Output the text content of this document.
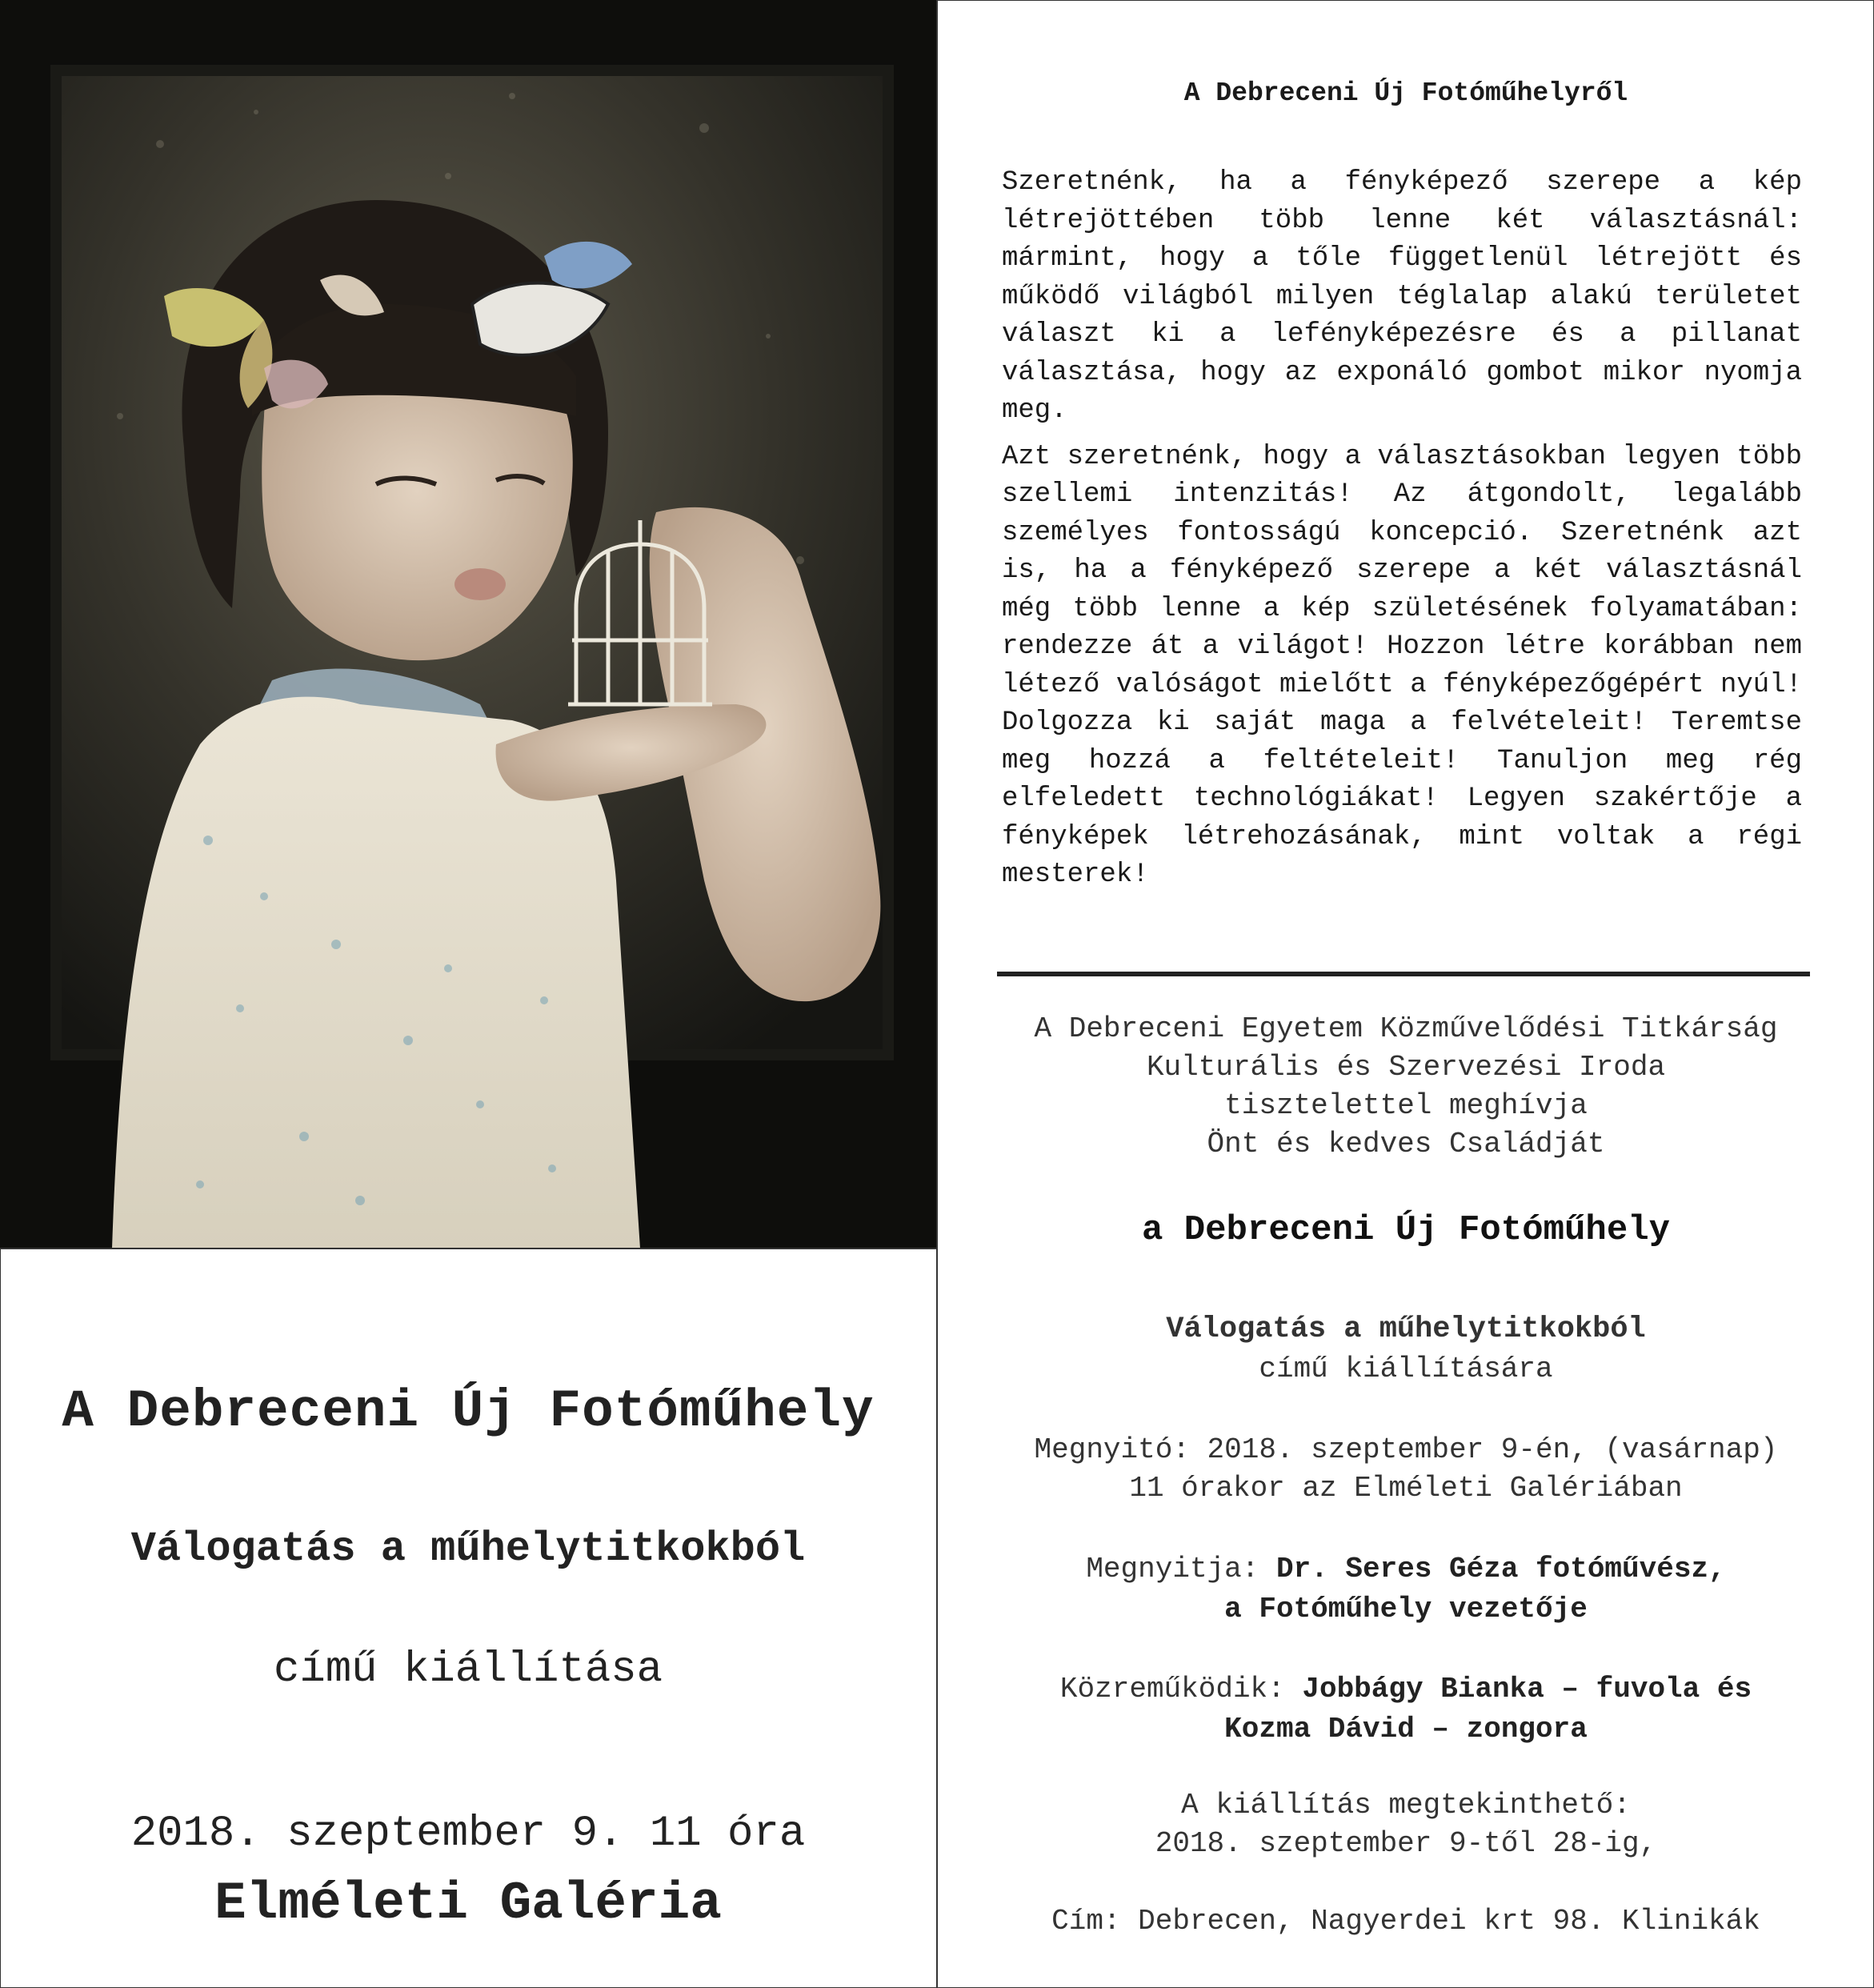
A Debreceni Új Fotóműhely
Válogatás a műhelytitkokból
című kiállítása
2018. szeptember 9. 11 óra
Elméleti Galéria
A Debreceni Új Fotóműhelyről

Szeretnénk, ha a fényképező szerepe a kép létrejöttében több lenne két választásnál: mármint, hogy a tőle függetlenül létrejött és működő világból milyen téglalap alakú területet választ ki a lefényképezésre és a pillanat választása, hogy az exponáló gombot mikor nyomja meg.

Azt szeretnénk, hogy a választásokban legyen több szellemi intenzitás! Az átgondolt, legalább személyes fontosságú koncepció. Szeretnénk azt is, ha a fényképező szerepe a két választásnál még több lenne a kép születésének folyamatában: rendezze át a világot! Hozzon létre korábban nem létező valóságot mielőtt a fényképezőgépért nyúl! Dolgozza ki saját maga a felvételeit! Teremtse meg hozzá a feltételeit! Tanuljon meg rég elfeledett technológiákat! Legyen szakértője a fényképek létrehozásának, mint voltak a régi mesterek!

A Debreceni Egyetem Közművelődési Titkárság
Kulturális és Szervezési Iroda
tisztelettel meghívja
Önt és kedves Családját
a Debreceni Új Fotóműhely
Válogatás a műhelytitkokból
című kiállítására
Megnyitó: 2018. szeptember 9-én, (vasárnap)
11 órakor az Elméleti Galériában
Megnyitja: Dr. Seres Géza fotóművész,
a Fotóműhely vezetője
Közreműködik: Jobbágy Bianka – fuvola és
Kozma Dávid – zongora
A kiállítás megtekinthető:
2018. szeptember 9-től 28-ig,
Cím: Debrecen, Nagyerdei krt 98. Klinikák
